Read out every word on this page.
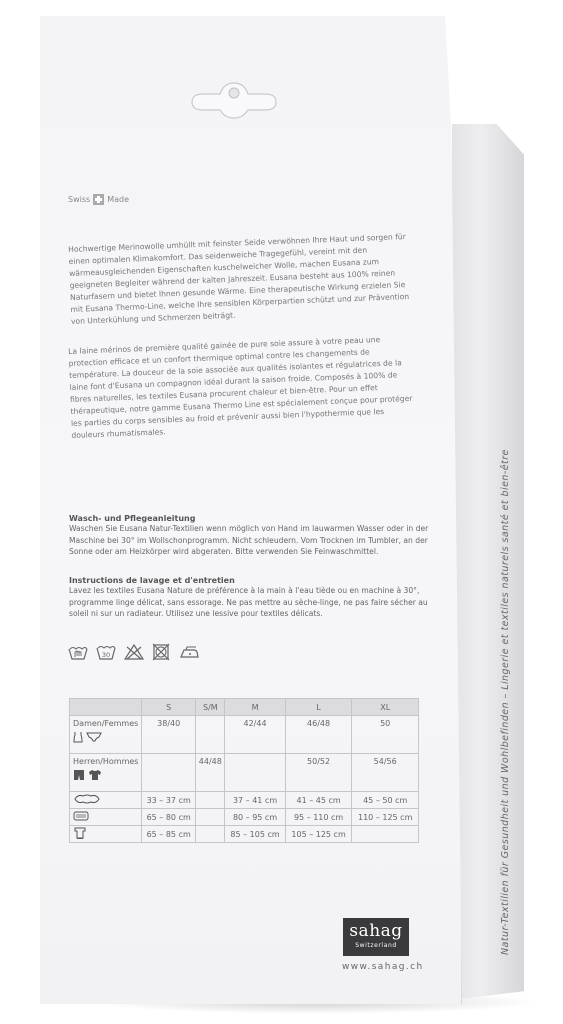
Natur-Textilien für Gesundheit und Wohlbefinden – Lingerie et textiles naturels santé et bien-être
Swiss Made
Hochwertige Merinowolle umhüllt mit feinster Seide verwöhnen Ihre Haut und sorgen für einen optimalen Klimakomfort. Das seidenweiche Tragegefühl, vereint mit den wärmeausgleichenden Eigenschaften kuschelweicher Wolle, machen Eusana zum geeigneten Begleiter während der kalten Jahreszeit. Eusana besteht aus 100% reinen Naturfasern und bietet Ihnen gesunde Wärme. Eine therapeutische Wirkung erzielen Sie mit Eusana Thermo-Line, welche Ihre sensiblen Körperpartien schützt und zur Prävention von Unterkühlung und Schmerzen beiträgt.
La laine mérinos de première qualité gainée de pure soie assure à votre peau une protection efficace et un confort thermique optimal contre les changements de température. La douceur de la soie associée aux qualités isolantes et régulatrices de la laine font d'Eusana un compagnon idéal durant la saison froide. Composés à 100% de fibres naturelles, les textiles Eusana procurent chaleur et bien-être. Pour un effet thérapeutique, notre gamme Eusana Thermo Line est spécialement conçue pour protéger les parties du corps sensibles au froid et prévenir aussi bien l'hypothermie que les douleurs rhumatismales.
Wasch- und Pflegeanleitung
Waschen Sie Eusana Natur-Textilien wenn möglich von Hand im lauwarmen Wasser oder in der Maschine bei 30° im Wollschonprogramm. Nicht schleudern. Vom Trocknen im Tumbler, an der Sonne oder am Heizkörper wird abgeraten. Bitte verwenden Sie Feinwaschmittel.
Instructions de lavage et d'entretien
Lavez les textiles Eusana Nature de préférence à la main à l'eau tiède ou en machine à 30°, programme linge délicat, sans essorage. Ne pas mettre au sèche-linge, ne pas faire sécher au soleil ni sur un radiateur. Utilisez une lessive pour textiles délicats.
30
	S	S/M	M	L	XL

Damen/Femmes	38/40		42/44	46/48	50

Herren/Hommes		44/48		50/52	54/56
	33 – 37 cm		37 – 41 cm	41 – 45 cm	45 – 50 cm
	65 – 80 cm		80 – 95 cm	95 – 110 cm	110 – 125 cm
	65 – 85 cm		85 – 105 cm	105 – 125 cm	
sahag
Switzerland
www.sahag.ch
